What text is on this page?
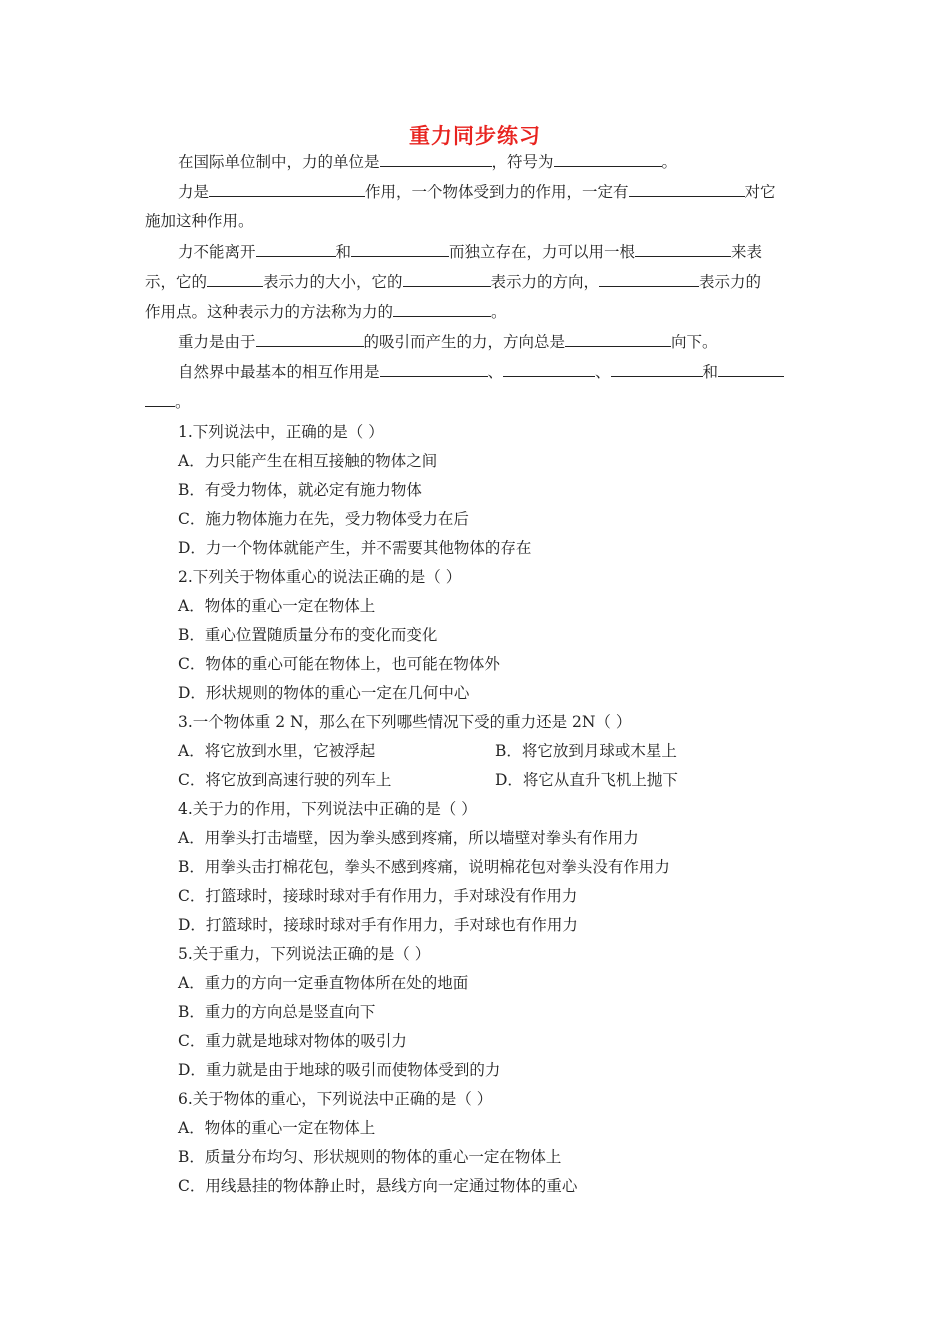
重力同步练习
在国际单位制中，力的单位是	，符号为	。
力是	作用，一个物体受到力的作用，一定有	对它
施加这种作用。
力不能离开	和	而独立存在，力可以用一根	来表
示，它的	表示力的大小，它的	表示力的方向，	表示力的
作用点。这种表示力的方法称为力的	。
重力是由于	的吸引而产生的力，方向总是	向下。
自然界中最基本的相互作用是	、	、	和
。
1.下列说法中，正确的是（ ）
A．力只能产生在相互接触的物体之间
B．有受力物体，就必定有施力物体
C．施力物体施力在先，受力物体受力在后
D．力一个物体就能产生，并不需要其他物体的存在
2.下列关于物体重心的说法正确的是（ ）
A．物体的重心一定在物体上
B．重心位置随质量分布的变化而变化
C．物体的重心可能在物体上，也可能在物体外
D．形状规则的物体的重心一定在几何中心
3.一个物体重 2 N，那么在下列哪些情况下受的重力还是 2N（ ）
A．将它放到水里，它被浮起	B．将它放到月球或木星上
C．将它放到高速行驶的列车上	D．将它从直升飞机上抛下
4.关于力的作用，下列说法中正确的是（ ）
A．用拳头打击墙壁，因为拳头感到疼痛，所以墙壁对拳头有作用力
B．用拳头击打棉花包，拳头不感到疼痛，说明棉花包对拳头没有作用力
C．打篮球时，接球时球对手有作用力，手对球没有作用力
D．打篮球时，接球时球对手有作用力，手对球也有作用力
5.关于重力，下列说法正确的是（ ）
A．重力的方向一定垂直物体所在处的地面
B．重力的方向总是竖直向下
C．重力就是地球对物体的吸引力
D．重力就是由于地球的吸引而使物体受到的力
6.关于物体的重心，下列说法中正确的是（ ）
A．物体的重心一定在物体上
B．质量分布均匀、形状规则的物体的重心一定在物体上
C．用线悬挂的物体静止时，悬线方向一定通过物体的重心
